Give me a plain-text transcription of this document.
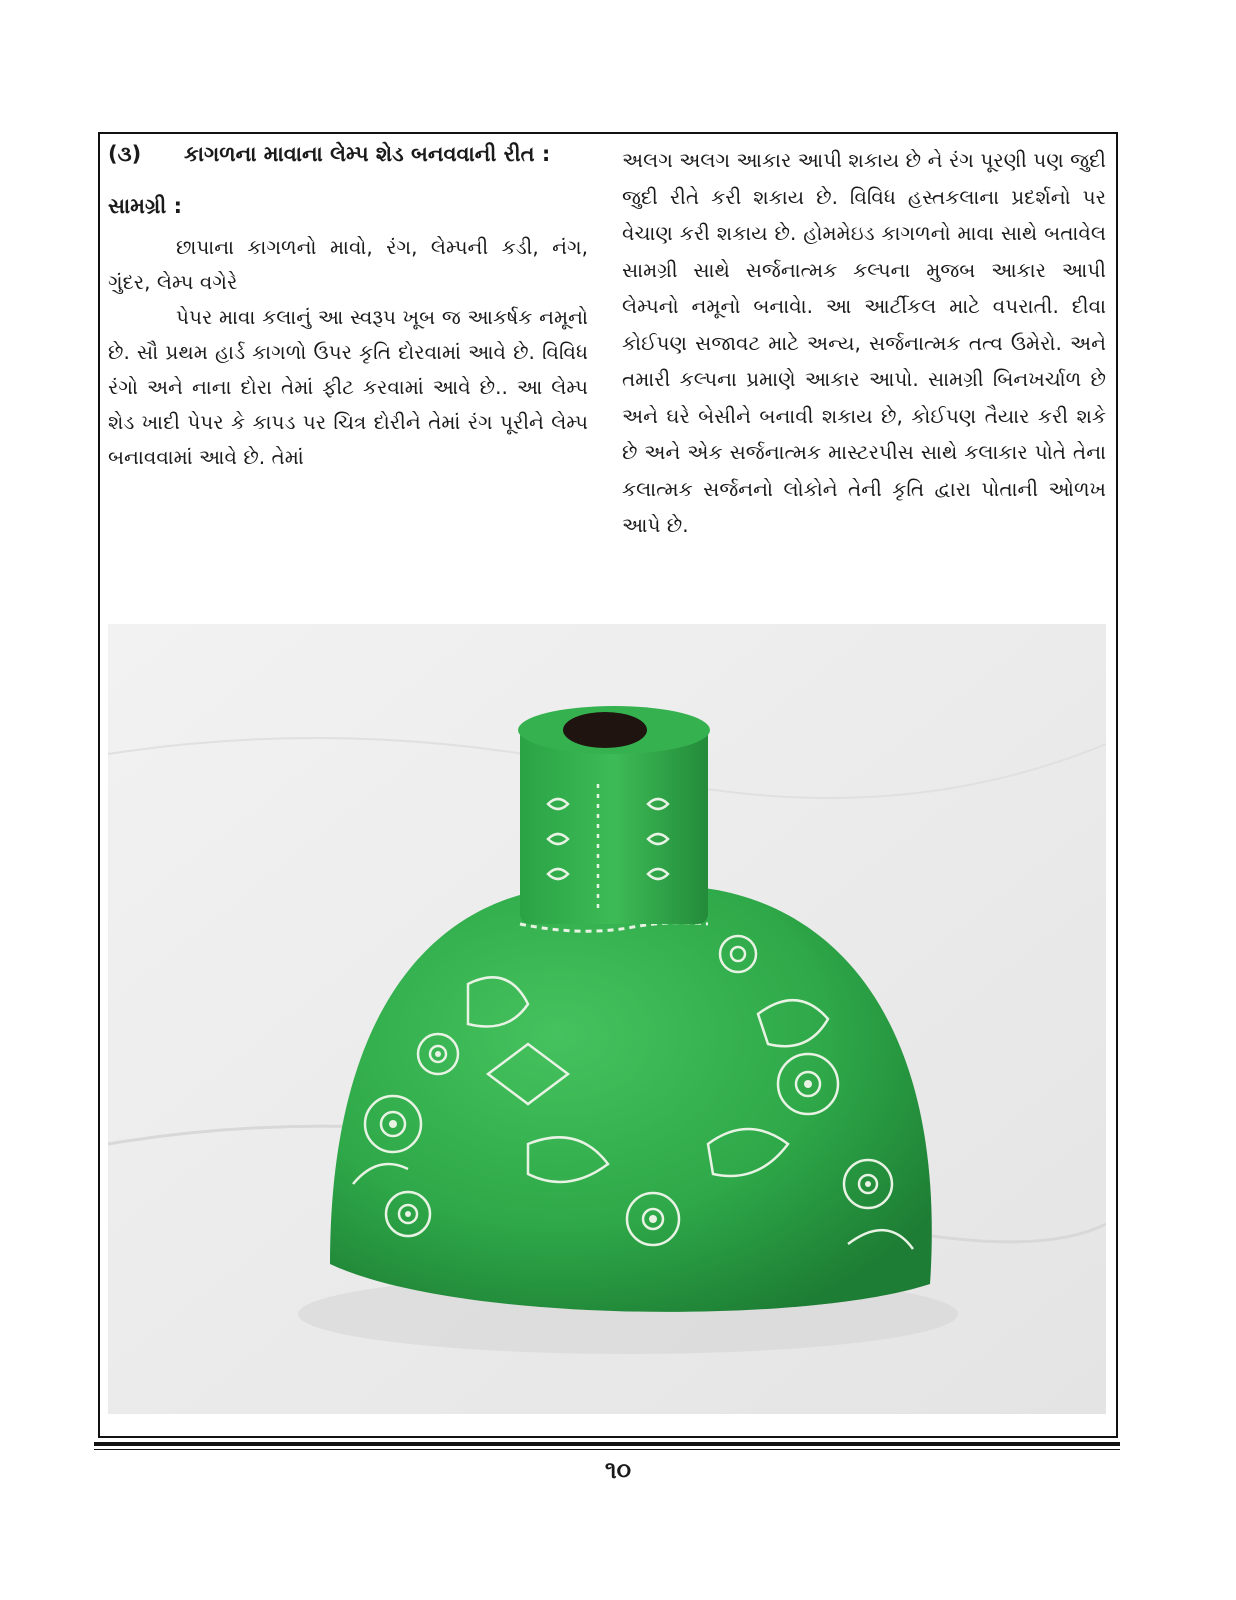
(૩)	કાગળના માવાના લેમ્પ શેડ બનવવાની રીત :
સામગ્રી :

છાપાના કાગળનો માવો, રંગ, લેમ્પની કડી, નંગ, ગુંદર, લેમ્પ વગેરે

પેપર માવા કલાનું આ સ્વરૂપ ખૂબ જ આકર્ષક નમૂનો છે. સૌ પ્રથમ હાર્ડ કાગળો ઉપર કૃતિ દોરવામાં આવે છે. વિવિધ રંગો અને નાના દોરા તેમાં ફીટ કરવામાં આવે છે.. આ લેમ્પ શેડ ખાદી પેપર કે કાપડ પર ચિત્ર દોરીને તેમાં રંગ પૂરીને લેમ્પ બનાવવામાં આવે છે. તેમાં

અલગ અલગ આકાર આપી શકાય છે ને રંગ પૂરણી પણ જુદી જુદી રીતે કરી શકાય છે. વિવિધ હસ્તકલાના પ્રદર્શનો પર વેચાણ કરી શકાય છે. હોમમેઇડ કાગળનો માવા સાથે બતાવેલ સામગ્રી સાથે સર્જનાત્મક કલ્પના મુજબ આકાર આપી લેમ્પનો નમૂનો બનાવેા. આ આર્ટીકલ માટે વપરાતી. દીવા કોઈપણ સજાવટ માટે અન્ય, સર્જનાત્મક તત્વ ઉમેરો. અને તમારી કલ્પના પ્રમાણે આકાર આપો. સામગ્રી બિનખર્ચાળ છે અને ઘરે બેસીને બનાવી શકાય છે, કોઈપણ તૈયાર કરી શકે છે અને એક સર્જનાત્મક માસ્ટરપીસ સાથે કલાકાર પોતે તેના કલાત્મક સર્જનનો લોકોને તેની કૃતિ દ્વારા પોતાની ઓળખ આપે છે.

૧૦
